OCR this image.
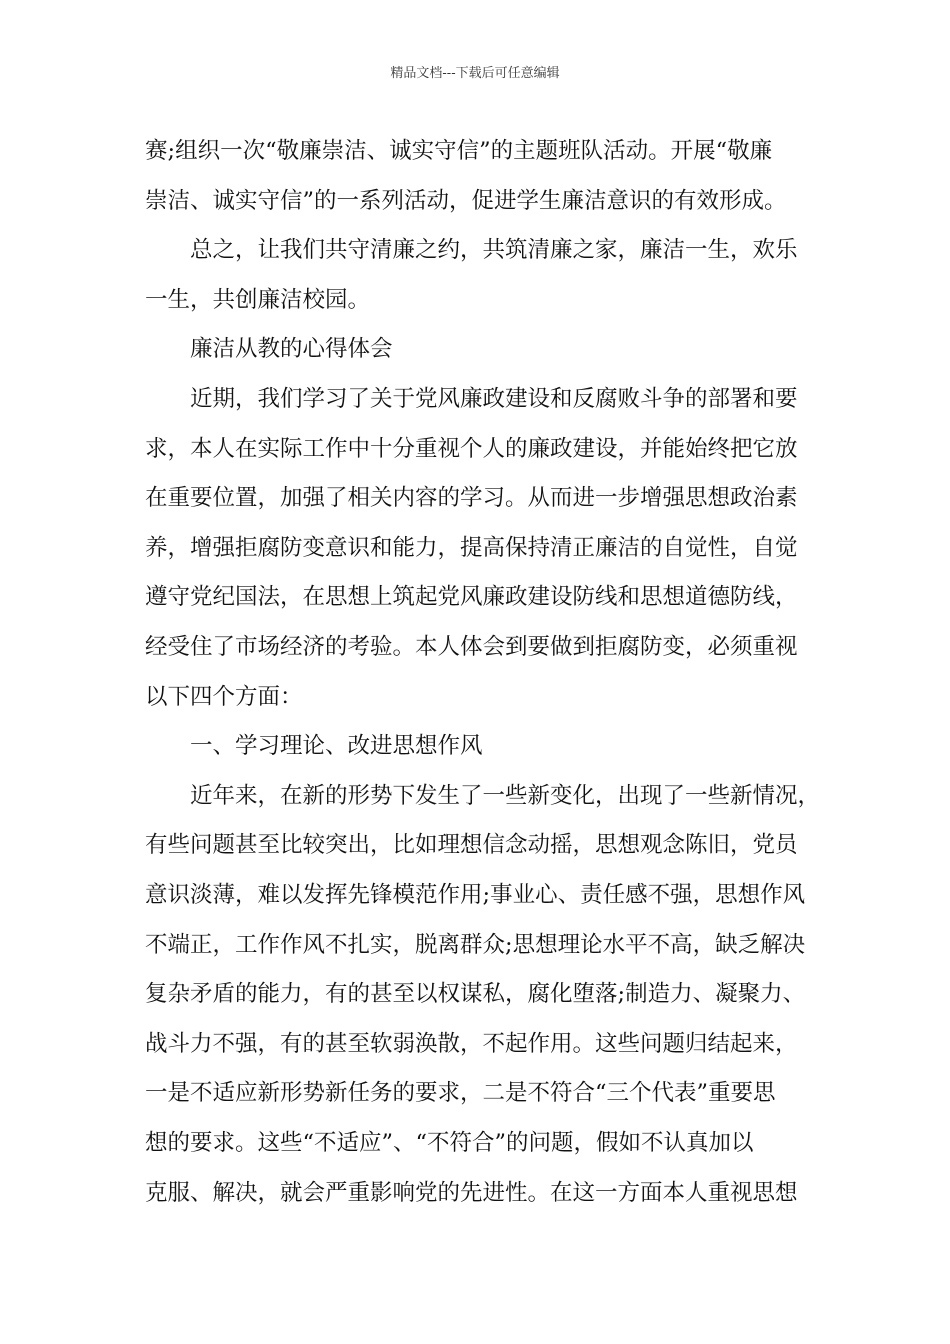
精品文档---下载后可任意编辑
赛;组织一次“敬廉崇洁、诚实守信”的主题班队活动。开展“敬廉
崇洁、诚实守信”的一系列活动，促进学生廉洁意识的有效形成。
总之，让我们共守清廉之约，共筑清廉之家，廉洁一生，欢乐
一生，共创廉洁校园。
廉洁从教的心得体会
近期，我们学习了关于党风廉政建设和反腐败斗争的部署和要
求，本人在实际工作中十分重视个人的廉政建设，并能始终把它放
在重要位置，加强了相关内容的学习。从而进一步增强思想政治素
养，增强拒腐防变意识和能力，提高保持清正廉洁的自觉性，自觉
遵守党纪国法，在思想上筑起党风廉政建设防线和思想道德防线，
经受住了市场经济的考验。本人体会到要做到拒腐防变，必须重视
以下四个方面：
一、学习理论、改进思想作风
近年来，在新的形势下发生了一些新变化，出现了一些新情况，
有些问题甚至比较突出，比如理想信念动摇，思想观念陈旧，党员
意识淡薄，难以发挥先锋模范作用;事业心、责任感不强，思想作风
不端正，工作作风不扎实，脱离群众;思想理论水平不高，缺乏解决
复杂矛盾的能力，有的甚至以权谋私，腐化堕落;制造力、凝聚力、
战斗力不强，有的甚至软弱涣散，不起作用。这些问题归结起来，
一是不适应新形势新任务的要求，二是不符合“三个代表”重要思
想的要求。这些“不适应”、“不符合”的问题，假如不认真加以
克服、解决，就会严重影响党的先进性。在这一方面本人重视思想
